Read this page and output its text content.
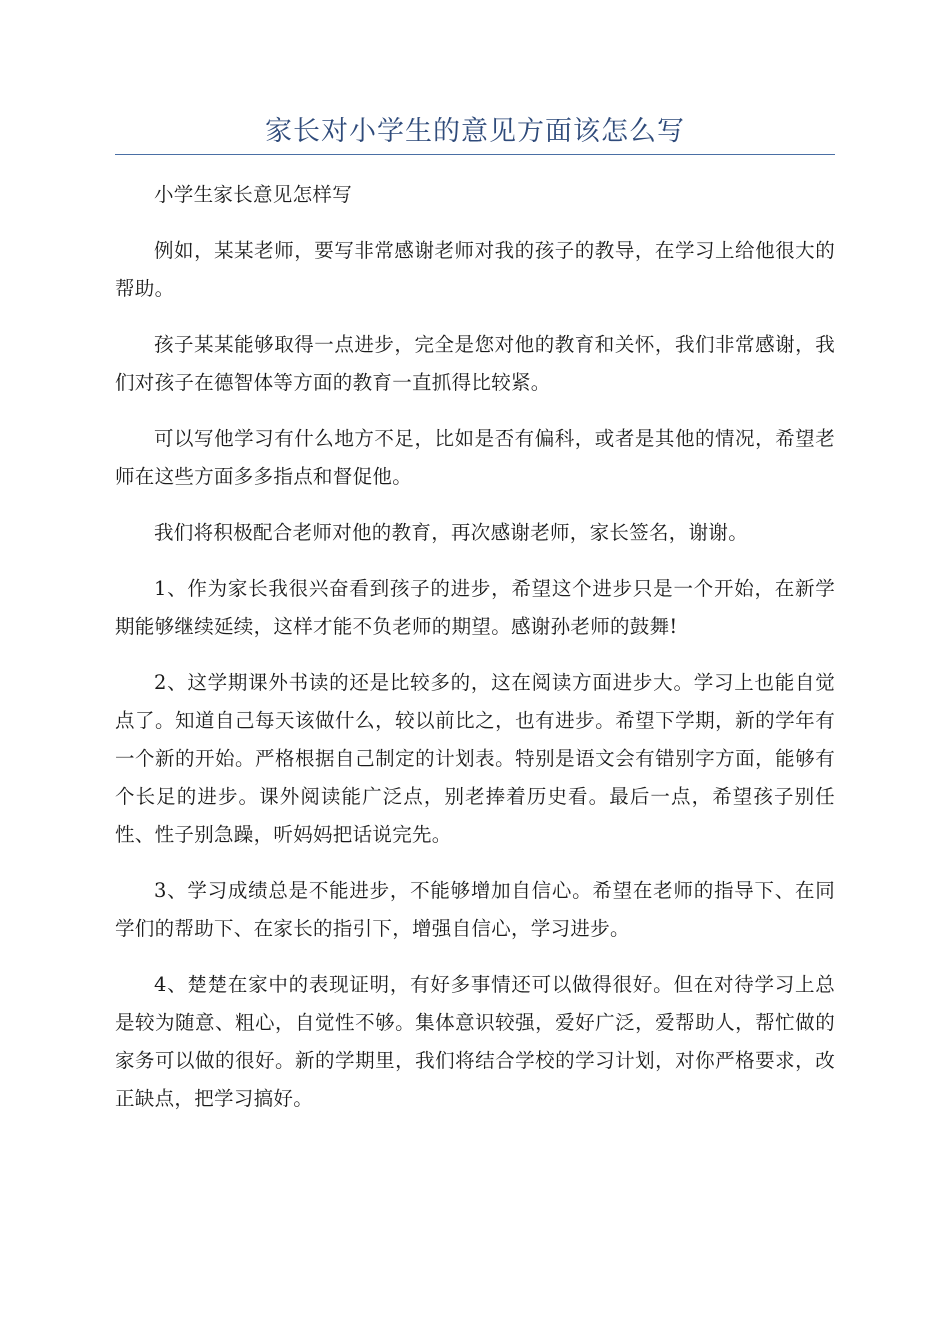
家长对小学生的意见方面该怎么写

小学生家长意见怎样写

例如，某某老师，要写非常感谢老师对我的孩子的教导，在学习上给他很大的帮助。

孩子某某能够取得一点进步，完全是您对他的教育和关怀，我们非常感谢，我们对孩子在德智体等方面的教育一直抓得比较紧。

可以写他学习有什么地方不足，比如是否有偏科，或者是其他的情况，希望老师在这些方面多多指点和督促他。

我们将积极配合老师对他的教育，再次感谢老师，家长签名，谢谢。

1、作为家长我很兴奋看到孩子的进步，希望这个进步只是一个开始，在新学期能够继续延续，这样才能不负老师的期望。感谢孙老师的鼓舞!

2、这学期课外书读的还是比较多的，这在阅读方面进步大。学习上也能自觉点了。知道自己每天该做什么，较以前比之，也有进步。希望下学期，新的学年有一个新的开始。严格根据自己制定的计划表。特别是语文会有错别字方面，能够有个长足的进步。课外阅读能广泛点，别老捧着历史看。最后一点，希望孩子别任性、性子别急躁，听妈妈把话说完先。

3、学习成绩总是不能进步，不能够增加自信心。希望在老师的指导下、在同学们的帮助下、在家长的指引下，增强自信心，学习进步。

4、楚楚在家中的表现证明，有好多事情还可以做得很好。但在对待学习上总是较为随意、粗心，自觉性不够。集体意识较强，爱好广泛，爱帮助人，帮忙做的家务可以做的很好。新的学期里，我们将结合学校的学习计划，对你严格要求，改正缺点，把学习搞好。
